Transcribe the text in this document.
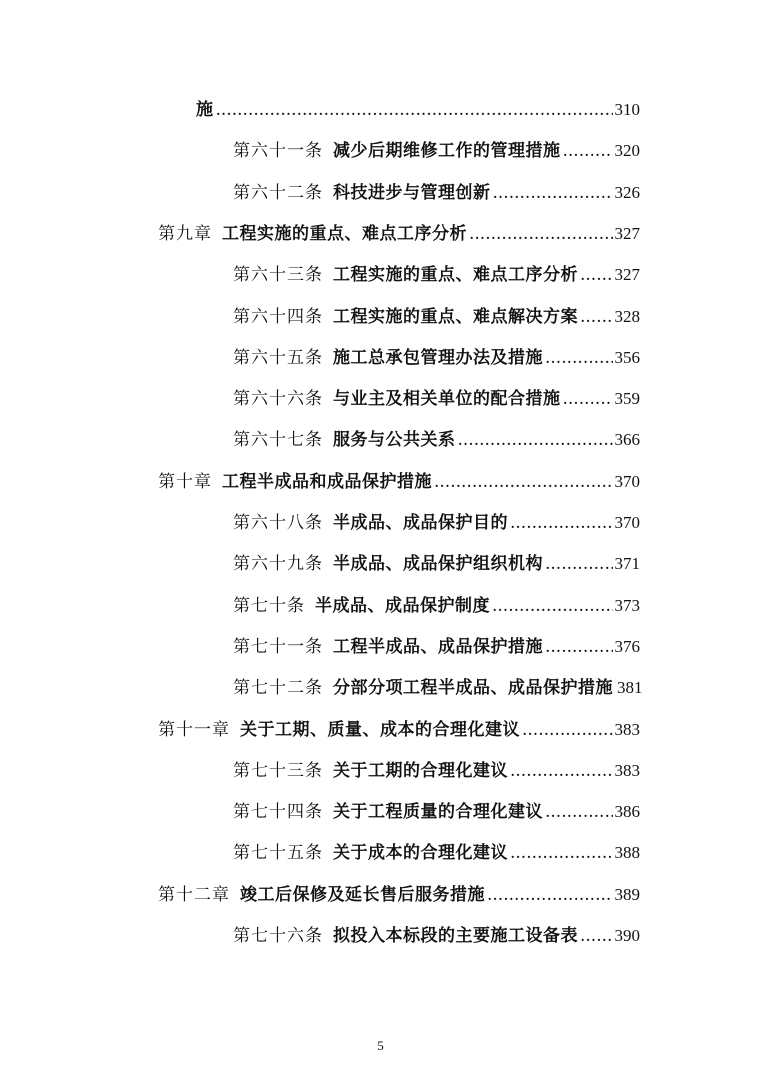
施 .....	310
第六十一条 减少后期维修工作的管理措施 .....	320
第六十二条 科技进步与管理创新 .....	326
第九章 工程实施的重点、难点工序分析 .....	327
第六十三条 工程实施的重点、难点工序分析 ..... 327
第六十四条 工程实施的重点、难点解决方案 ..... 328
第六十五条 施工总承包管理办法及措施 .....	356
第六十六条 与业主及相关单位的配合措施 .....	359
第六十七条 服务与公共关系 .....	366
第十章 工程半成品和成品保护措施 .....	370
第六十八条 半成品、成品保护目的 .....	370
第六十九条 半成品、成品保护组织机构 .....	371
第七十条 半成品、成品保护制度 .....	373
第七十一条 工程半成品、成品保护措施 .....	376
第七十二条 分部分项工程半成品、成品保护措施 381
第十一章 关于工期、质量、成本的合理化建议 .....	383
第七十三条 关于工期的合理化建议 .....	383
第七十四条 关于工程质量的合理化建议 .....	386
第七十五条 关于成本的合理化建议 .....	388
第十二章 竣工后保修及延长售后服务措施 .....	389
第七十六条 拟投入本标段的主要施工设备表 ..... 390
5
